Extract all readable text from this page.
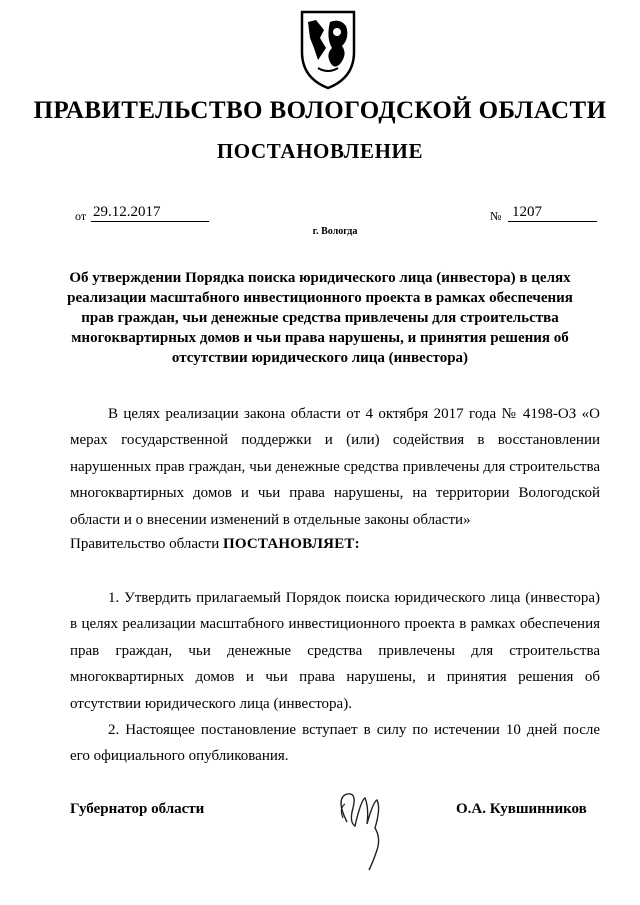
ПРАВИТЕЛЬСТВО ВОЛОГОДСКОЙ ОБЛАСТИ
ПОСТАНОВЛЕНИЕ
от 29.12.2017	№ 1207
г. Вологда
Об утверждении Порядка поиска юридического лица (инвестора) в целях реализации масштабного инвестиционного проекта в рамках обеспечения прав граждан, чьи денежные средства привлечены для строительства многоквартирных домов и чьи права нарушены, и принятия решения об отсутствии юридического лица (инвестора)
В целях реализации закона области от 4 октября 2017 года № 4198-ОЗ «О мерах государственной поддержки и (или) содействия в восстановлении нарушенных прав граждан, чьи денежные средства привлечены для строительства многоквартирных домов и чьи права нарушены, на территории Вологодской области и о внесении изменений в отдельные законы области»
Правительство области ПОСТАНОВЛЯЕТ:
1. Утвердить прилагаемый Порядок поиска юридического лица (инвестора) в целях реализации масштабного инвестиционного проекта в рамках обеспечения прав граждан, чьи денежные средства привлечены для строительства многоквартирных домов и чьи права нарушены, и принятия решения об отсутствии юридического лица (инвестора).
2. Настоящее постановление вступает в силу по истечении 10 дней после его официального опубликования.
Губернатор области	О.А. Кувшинников
